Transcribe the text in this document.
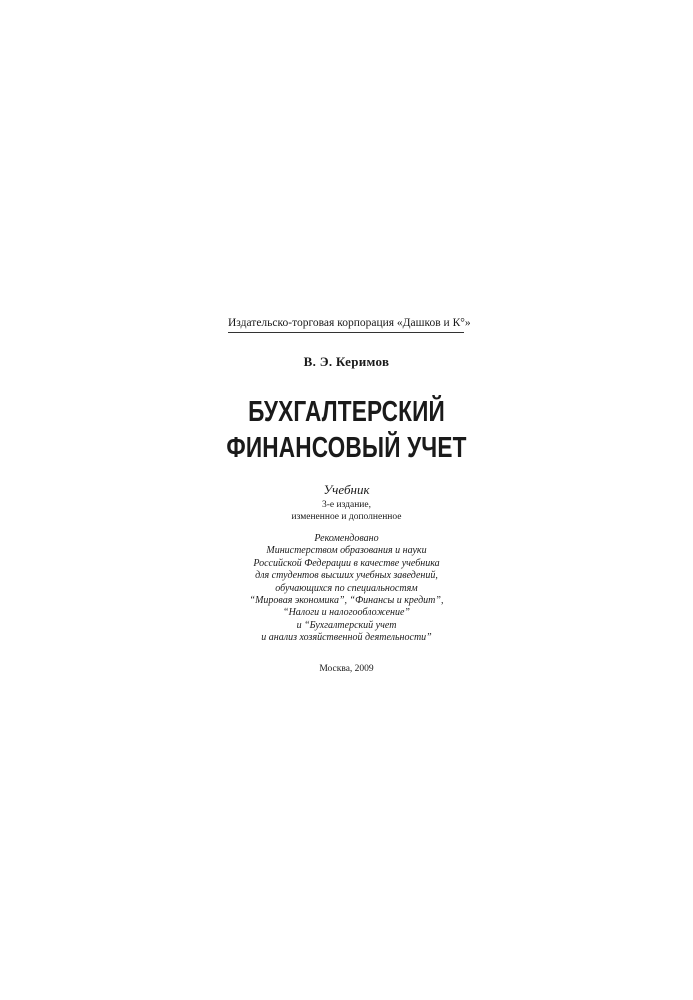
Издательско-торговая корпорация «Дашков и К°»
В. Э. Керимов
БУХГАЛТЕРСКИЙ
ФИНАНСОВЫЙ УЧЕТ
Учебник
3-е издание,
измененное и дополненное
Рекомендовано
Министерством образования и науки
Российской Федерации в качестве учебника
для студентов высших учебных заведений,
обучающихся по специальностям
“Мировая экономика”, “Финансы и кредит”,
“Налоги и налогообложение”
и “Бухгалтерский учет
и анализ хозяйственной деятельности”
Москва, 2009
